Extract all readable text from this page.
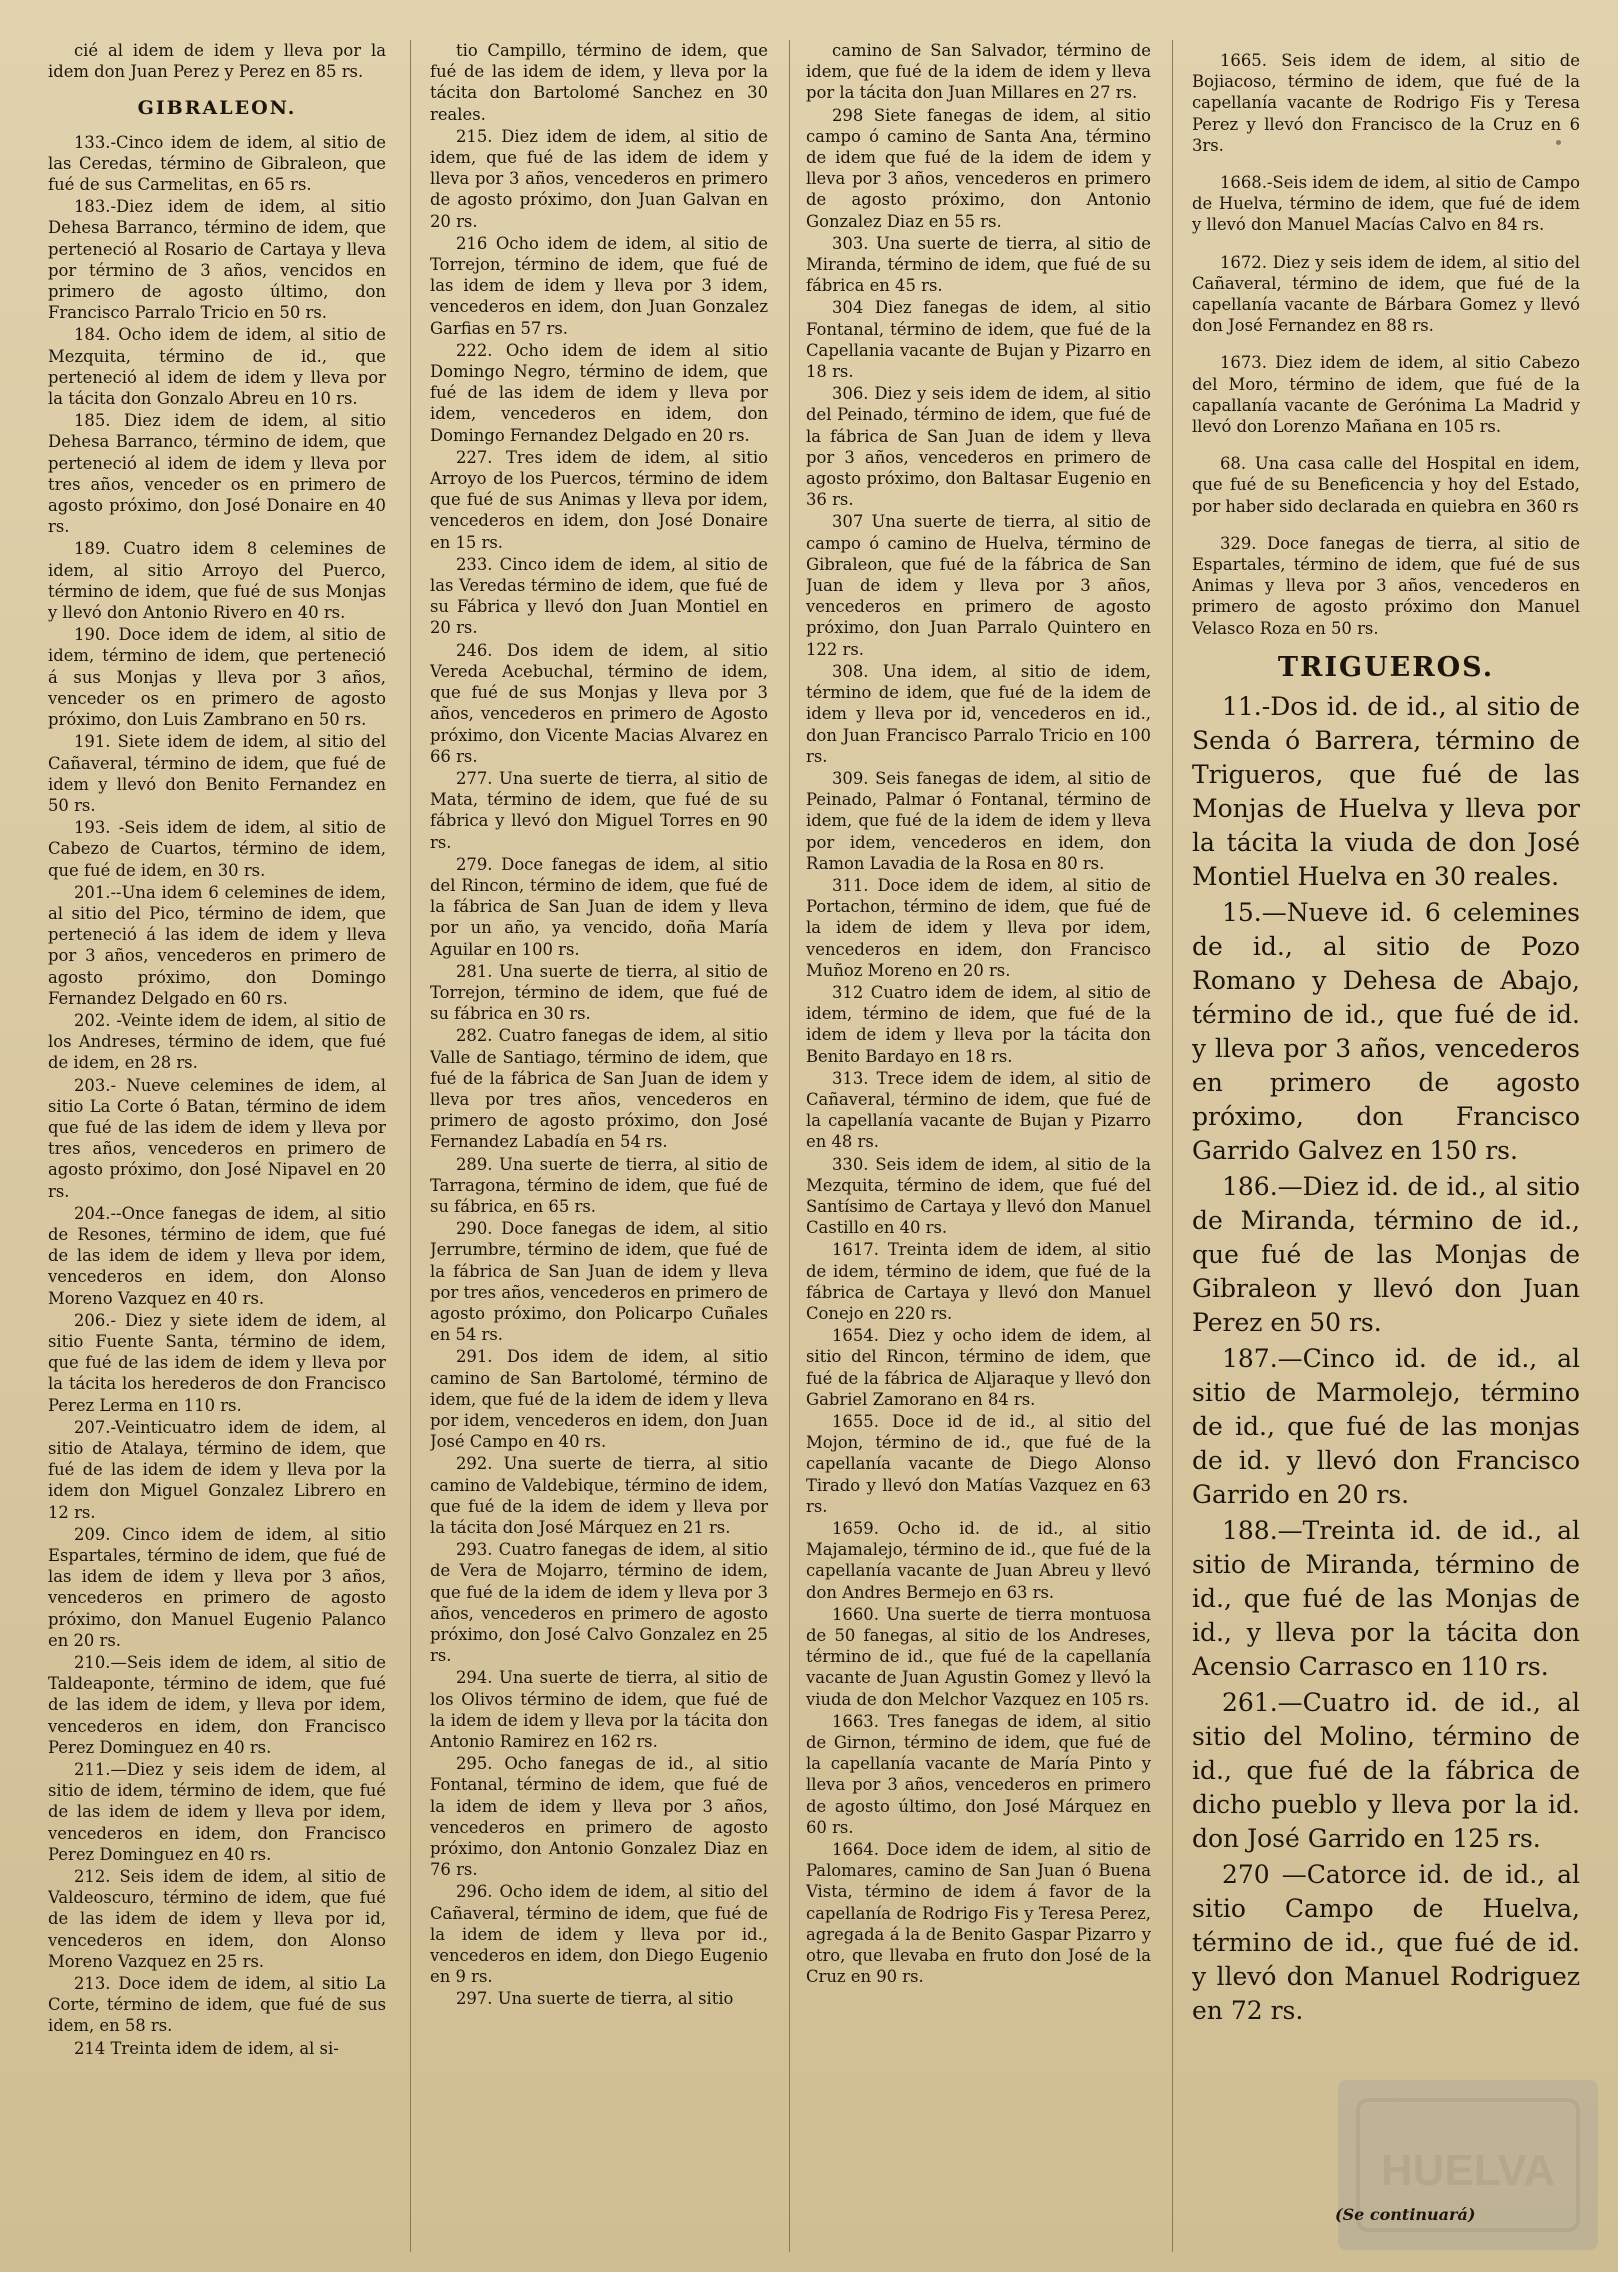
cié al idem de idem y lleva por la idem don Juan Perez y Perez en 85 rs.

GIBRALEON.

133.-Cinco idem de idem, al sitio de las Ceredas, término de Gibraleon, que fué de sus Carmelitas, en 65 rs.

183.-Diez idem de idem, al sitio Dehesa Barranco, término de idem, que perteneció al Rosario de Cartaya y lleva por término de 3 años, vencidos en primero de agosto último, don Francisco Parralo Tricio en 50 rs.

184. Ocho idem de idem, al sitio de Mezquita, término de id., que perteneció al idem de idem y lleva por la tácita don Gonzalo Abreu en 10 rs.

185. Diez idem de idem, al sitio Dehesa Barranco, término de idem, que perteneció al idem de idem y lleva por tres años, venceder os en primero de agosto próximo, don José Donaire en 40 rs.

189. Cuatro idem 8 celemines de idem, al sitio Arroyo del Puerco, término de idem, que fué de sus Monjas y llevó don Antonio Rivero en 40 rs.

190. Doce idem de idem, al sitio de idem, término de idem, que perteneció á sus Monjas y lleva por 3 años, venceder os en primero de agosto próximo, don Luis Zambrano en 50 rs.

191. Siete idem de idem, al sitio del Cañaveral, término de idem, que fué de idem y llevó don Benito Fernandez en 50 rs.

193. -Seis idem de idem, al sitio de Cabezo de Cuartos, término de idem, que fué de idem, en 30 rs.

201.--Una idem 6 celemines de idem, al sitio del Pico, término de idem, que perteneció á las idem de idem y lleva por 3 años, vencederos en primero de agosto próximo, don Domingo Fernandez Delgado en 60 rs.

202. -Veinte idem de idem, al sitio de los Andreses, término de idem, que fué de idem, en 28 rs.

203.- Nueve celemines de idem, al sitio La Corte ó Batan, término de idem que fué de las idem de idem y lleva por tres años, vencederos en primero de agosto próximo, don José Nipavel en 20 rs.

204.--Once fanegas de idem, al sitio de Resones, término de idem, que fué de las idem de idem y lleva por idem, vencederos en idem, don Alonso Moreno Vazquez en 40 rs.

206.- Diez y siete idem de idem, al sitio Fuente Santa, término de idem, que fué de las idem de idem y lleva por la tácita los herederos de don Francisco Perez Lerma en 110 rs.

207.-Veinticuatro idem de idem, al sitio de Atalaya, término de idem, que fué de las idem de idem y lleva por la idem don Miguel Gonzalez Librero en 12 rs.

209. Cinco idem de idem, al sitio Espartales, término de idem, que fué de las idem de idem y lleva por 3 años, vencederos en primero de agosto próximo, don Manuel Eugenio Palanco en 20 rs.

210.—Seis idem de idem, al sitio de Taldeaponte, término de idem, que fué de las idem de idem, y lleva por idem, vencederos en idem, don Francisco Perez Dominguez en 40 rs.

211.—Diez y seis idem de idem, al sitio de idem, término de idem, que fué de las idem de idem y lleva por idem, vencederos en idem, don Francisco Perez Dominguez en 40 rs.

212. Seis idem de idem, al sitio de Valdeoscuro, término de idem, que fué de las idem de idem y lleva por id, vencederos en idem, don Alonso Moreno Vazquez en 25 rs.

213. Doce idem de idem, al sitio La Corte, término de idem, que fué de sus idem, en 58 rs.

214 Treinta idem de idem, al si-

tio Campillo, término de idem, que fué de las idem de idem, y lleva por la tácita don Bartolomé Sanchez en 30 reales.

215. Diez idem de idem, al sitio de idem, que fué de las idem de idem y lleva por 3 años, vencederos en primero de agosto próximo, don Juan Galvan en 20 rs.

216 Ocho idem de idem, al sitio de Torrejon, término de idem, que fué de las idem de idem y lleva por 3 idem, vencederos en idem, don Juan Gonzalez Garfias en 57 rs.

222. Ocho idem de idem al sitio Domingo Negro, término de idem, que fué de las idem de idem y lleva por idem, vencederos en idem, don Domingo Fernandez Delgado en 20 rs.

227. Tres idem de idem, al sitio Arroyo de los Puercos, término de idem que fué de sus Animas y lleva por idem, vencederos en idem, don José Donaire en 15 rs.

233. Cinco idem de idem, al sitio de las Veredas término de idem, que fué de su Fábrica y llevó don Juan Montiel en 20 rs.

246. Dos idem de idem, al sitio Vereda Acebuchal, término de idem, que fué de sus Monjas y lleva por 3 años, vencederos en primero de Agosto próximo, don Vicente Macias Alvarez en 66 rs.

277. Una suerte de tierra, al sitio de Mata, término de idem, que fué de su fábrica y llevó don Miguel Torres en 90 rs.

279. Doce fanegas de idem, al sitio del Rincon, término de idem, que fué de la fábrica de San Juan de idem y lleva por un año, ya vencido, doña María Aguilar en 100 rs.

281. Una suerte de tierra, al sitio de Torrejon, término de idem, que fué de su fábrica en 30 rs.

282. Cuatro fanegas de idem, al sitio Valle de Santiago, término de idem, que fué de la fábrica de San Juan de idem y lleva por tres años, vencederos en primero de agosto próximo, don José Fernandez Labadía en 54 rs.

289. Una suerte de tierra, al sitio de Tarragona, término de idem, que fué de su fábrica, en 65 rs.

290. Doce fanegas de idem, al sitio Jerrumbre, término de idem, que fué de la fábrica de San Juan de idem y lleva por tres años, vencederos en primero de agosto próximo, don Policarpo Cuñales en 54 rs.

291. Dos idem de idem, al sitio camino de San Bartolomé, término de idem, que fué de la idem de idem y lleva por idem, vencederos en idem, don Juan José Campo en 40 rs.

292. Una suerte de tierra, al sitio camino de Valdebique, término de idem, que fué de la idem de idem y lleva por la tácita don José Márquez en 21 rs.

293. Cuatro fanegas de idem, al sitio de Vera de Mojarro, término de idem, que fué de la idem de idem y lleva por 3 años, vencederos en primero de agosto próximo, don José Calvo Gonzalez en 25 rs.

294. Una suerte de tierra, al sitio de los Olivos término de idem, que fué de la idem de idem y lleva por la tácita don Antonio Ramirez en 162 rs.

295. Ocho fanegas de id., al sitio Fontanal, término de idem, que fué de la idem de idem y lleva por 3 años, vencederos en primero de agosto próximo, don Antonio Gonzalez Diaz en 76 rs.

296. Ocho idem de idem, al sitio del Cañaveral, término de idem, que fué de la idem de idem y lleva por id., vencederos en idem, don Diego Eugenio en 9 rs.

297. Una suerte de tierra, al sitio

camino de San Salvador, término de idem, que fué de la idem de idem y lleva por la tácita don Juan Millares en 27 rs.

298 Siete fanegas de idem, al sitio campo ó camino de Santa Ana, término de idem que fué de la idem de idem y lleva por 3 años, vencederos en primero de agosto próximo, don Antonio Gonzalez Diaz en 55 rs.

303. Una suerte de tierra, al sitio de Miranda, término de idem, que fué de su fábrica en 45 rs.

304 Diez fanegas de idem, al sitio Fontanal, término de idem, que fué de la Capellania vacante de Bujan y Pizarro en 18 rs.

306. Diez y seis idem de idem, al sitio del Peinado, término de idem, que fué de la fábrica de San Juan de idem y lleva por 3 años, vencederos en primero de agosto próximo, don Baltasar Eugenio en 36 rs.

307 Una suerte de tierra, al sitio de campo ó camino de Huelva, término de Gibraleon, que fué de la fábrica de San Juan de idem y lleva por 3 años, vencederos en primero de agosto próximo, don Juan Parralo Quintero en 122 rs.

308. Una idem, al sitio de idem, término de idem, que fué de la idem de idem y lleva por id, vencederos en id., don Juan Francisco Parralo Tricio en 100 rs.

309. Seis fanegas de idem, al sitio de Peinado, Palmar ó Fontanal, término de idem, que fué de la idem de idem y lleva por idem, vencederos en idem, don Ramon Lavadia de la Rosa en 80 rs.

311. Doce idem de idem, al sitio de Portachon, término de idem, que fué de la idem de idem y lleva por idem, vencederos en idem, don Francisco Muñoz Moreno en 20 rs.

312 Cuatro idem de idem, al sitio de idem, término de idem, que fué de la idem de idem y lleva por la tácita don Benito Bardayo en 18 rs.

313. Trece idem de idem, al sitio de Cañaveral, término de idem, que fué de la capellanía vacante de Bujan y Pizarro en 48 rs.

330. Seis idem de idem, al sitio de la Mezquita, término de idem, que fué del Santísimo de Cartaya y llevó don Manuel Castillo en 40 rs.

1617. Treinta idem de idem, al sitio de idem, término de idem, que fué de la fábrica de Cartaya y llevó don Manuel Conejo en 220 rs.

1654. Diez y ocho idem de idem, al sitio del Rincon, término de idem, que fué de la fábrica de Aljaraque y llevó don Gabriel Zamorano en 84 rs.

1655. Doce id de id., al sitio del Mojon, término de id., que fué de la capellanía vacante de Diego Alonso Tirado y llevó don Matías Vazquez en 63 rs.

1659. Ocho id. de id., al sitio Majamalejo, término de id., que fué de la capellanía vacante de Juan Abreu y llevó don Andres Bermejo en 63 rs.

1660. Una suerte de tierra montuosa de 50 fanegas, al sitio de los Andreses, término de id., que fué de la capellanía vacante de Juan Agustin Gomez y llevó la viuda de don Melchor Vazquez en 105 rs.

1663. Tres fanegas de idem, al sitio de Girnon, término de idem, que fué de la capellanía vacante de María Pinto y lleva por 3 años, vencederos en primero de agosto último, don José Márquez en 60 rs.

1664. Doce idem de idem, al sitio de Palomares, camino de San Juan ó Buena Vista, término de idem á favor de la capellanía de Rodrigo Fis y Teresa Perez, agregada á la de Benito Gaspar Pizarro y otro, que llevaba en fruto don José de la Cruz en 90 rs.

1665. Seis idem de idem, al sitio de Bojiacoso, término de idem, que fué de la capellanía vacante de Rodrigo Fis y Teresa Perez y llevó don Francisco de la Cruz en 6 3rs.

1668.-Seis idem de idem, al sitio de Campo de Huelva, término de idem, que fué de idem y llevó don Manuel Macías Calvo en 84 rs.

1672. Diez y seis idem de idem, al sitio del Cañaveral, término de idem, que fué de la capellanía vacante de Bárbara Gomez y llevó don José Fernandez en 88 rs.

1673. Diez idem de idem, al sitio Cabezo del Moro, término de idem, que fué de la capallanía vacante de Gerónima La Madrid y llevó don Lorenzo Mañana en 105 rs.

68. Una casa calle del Hospital en idem, que fué de su Beneficencia y hoy del Estado, por haber sido declarada en quiebra en 360 rs

329. Doce fanegas de tierra, al sitio de Espartales, término de idem, que fué de sus Animas y lleva por 3 años, vencederos en primero de agosto próximo don Manuel Velasco Roza en 50 rs.

TRIGUEROS.

11.-Dos id. de id., al sitio de Senda ó Barrera, término de Trigueros, que fué de las Monjas de Huelva y lleva por la tácita la viuda de don José Montiel Huelva en 30 reales.

15.—Nueve id. 6 celemines de id., al sitio de Pozo Romano y Dehesa de Abajo, término de id., que fué de id. y lleva por 3 años, vencederos en primero de agosto próximo, don Francisco Garrido Galvez en 150 rs.

186.—Diez id. de id., al sitio de Miranda, término de id., que fué de las Monjas de Gibraleon y llevó don Juan Perez en 50 rs.

187.—Cinco id. de id., al sitio de Marmolejo, término de id., que fué de las monjas de id. y llevó don Francisco Garrido en 20 rs.

188.—Treinta id. de id., al sitio de Miranda, término de id., que fué de las Monjas de id., y lleva por la tácita don Acensio Carrasco en 110 rs.

261.—Cuatro id. de id., al sitio del Molino, término de id., que fué de la fábrica de dicho pueblo y lleva por la id. don José Garrido en 125 rs.

270 —Catorce id. de id., al sitio Campo de Huelva, término de id., que fué de id. y llevó don Manuel Rodriguez en 72 rs.

HUELVA
(Se continuará)
